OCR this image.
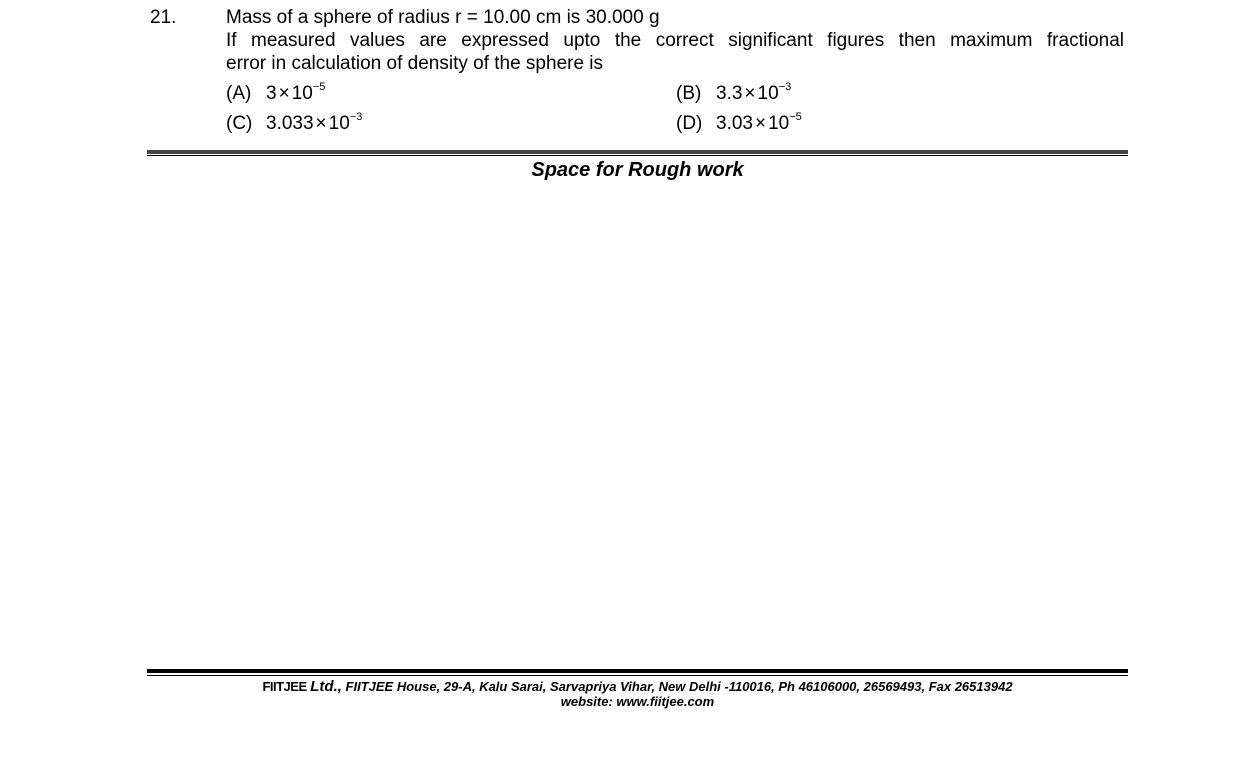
21.	Mass of a sphere of radius r = 10.00 cm is 30.000 g
If measured values are expressed upto the correct significant figures then maximum fractional
error in calculation of density of the sphere is
(A) $3 \times 10^{-5}$	(B) $3.3 \times 10^{-3}$
(C) $3.033 \times 10^{-3}$	(D) $3.03 \times 10^{-5}$
Space for Rough work
FIITJEE Ltd., FIITJEE House, 29-A, Kalu Sarai, Sarvapriya Vihar, New Delhi -110016, Ph 46106000, 26569493, Fax 26513942
website: www.fiitjee.com
